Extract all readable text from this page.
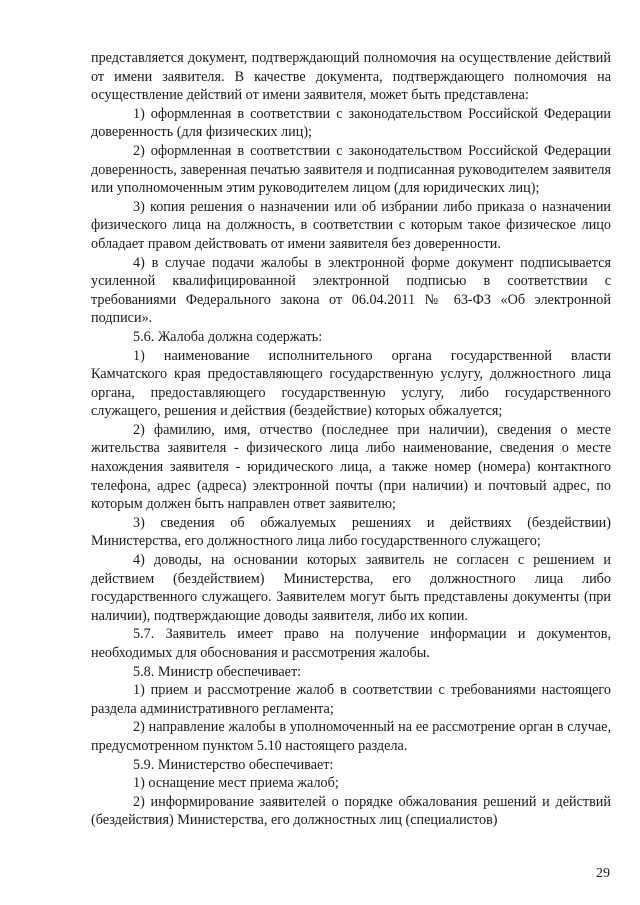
представляется документ, подтверждающий полномочия на осуществление действий от имени заявителя. В качестве документа, подтверждающего полномочия на осуществление действий от имени заявителя, может быть представлена:

1) оформленная в соответствии с законодательством Российской Федерации доверенность (для физических лиц);

2) оформленная в соответствии с законодательством Российской Федерации доверенность, заверенная печатью заявителя и подписанная руководителем заявителя или уполномоченным этим руководителем лицом (для юридических лиц);

3) копия решения о назначении или об избрании либо приказа о назначении физического лица на должность, в соответствии с которым такое физическое лицо обладает правом действовать от имени заявителя без доверенности.

4) в случае подачи жалобы в электронной форме документ подписывается усиленной квалифицированной электронной подписью в соответствии с требованиями Федерального закона от 06.04.2011 № 63-ФЗ «Об электронной подписи».

5.6. Жалоба должна содержать:

1) наименование исполнительного органа государственной власти Камчатского края предоставляющего государственную услугу, должностного лица органа, предоставляющего государственную услугу, либо государственного служащего, решения и действия (бездействие) которых обжалуется;

2) фамилию, имя, отчество (последнее при наличии), сведения о месте жительства заявителя - физического лица либо наименование, сведения о месте нахождения заявителя - юридического лица, а также номер (номера) контактного телефона, адрес (адреса) электронной почты (при наличии) и почтовый адрес, по которым должен быть направлен ответ заявителю;

3) сведения об обжалуемых решениях и действиях (бездействии) Министерства, его должностного лица либо государственного служащего;

4) доводы, на основании которых заявитель не согласен с решением и действием (бездействием) Министерства, его должностного лица либо государственного служащего. Заявителем могут быть представлены документы (при наличии), подтверждающие доводы заявителя, либо их копии.

5.7. Заявитель имеет право на получение информации и документов, необходимых для обоснования и рассмотрения жалобы.

5.8. Министр обеспечивает:

1) прием и рассмотрение жалоб в соответствии с требованиями настоящего раздела административного регламента;

2) направление жалобы в уполномоченный на ее рассмотрение орган в случае, предусмотренном пунктом 5.10 настоящего раздела.

5.9. Министерство обеспечивает:

1) оснащение мест приема жалоб;

2) информирование заявителей о порядке обжалования решений и действий (бездействия) Министерства, его должностных лиц (специалистов)

29
